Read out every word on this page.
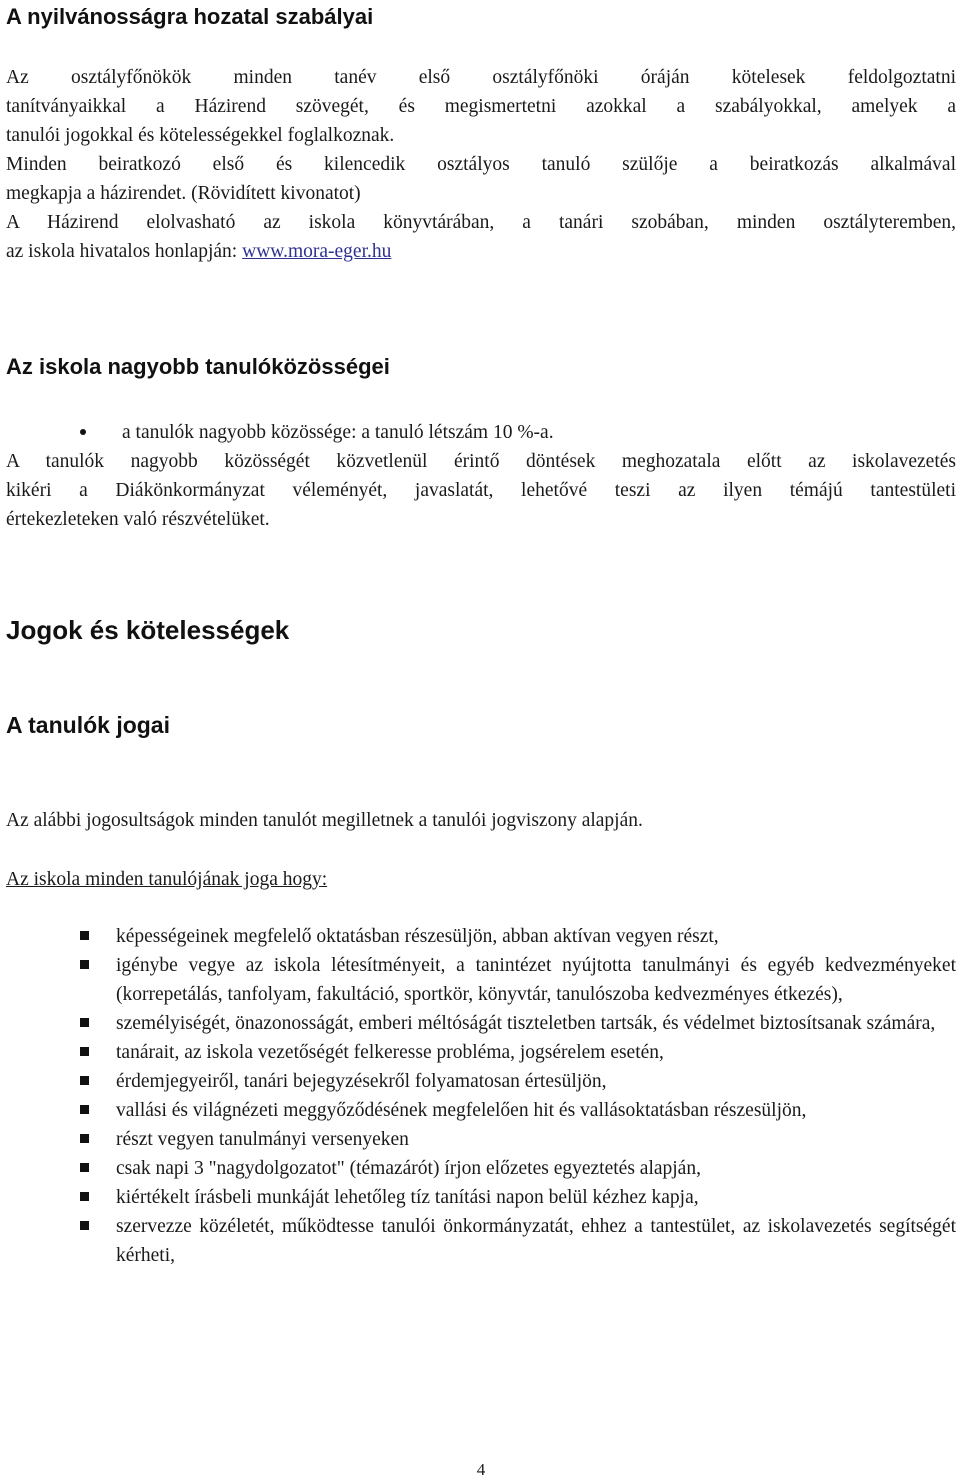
A nyilvánosságra hozatal szabályai
Az osztályfőnökök minden tanév első osztályfőnöki óráján kötelesek feldolgoztatni
tanítványaikkal a Házirend szövegét, és megismertetni azokkal a szabályokkal, amelyek a
tanulói jogokkal és kötelességekkel foglalkoznak.
Minden beiratkozó első és kilencedik osztályos tanuló szülője a beiratkozás alkalmával
megkapja a házirendet. (Rövidített kivonatot)
A Házirend elolvasható az iskola könyvtárában, a tanári szobában, minden osztályteremben,
az iskola hivatalos honlapján: www.mora-eger.hu
Az iskola nagyobb tanulóközösségei
a tanulók nagyobb közössége: a tanuló létszám 10 %-a.
A tanulók nagyobb közösségét közvetlenül érintő döntések meghozatala előtt az iskolavezetés
kikéri a Diákönkormányzat véleményét, javaslatát, lehetővé teszi az ilyen témájú tantestületi
értekezleteken való részvételüket.
Jogok és kötelességek
A tanulók jogai

Az alábbi jogosultságok minden tanulót megilletnek a tanulói jogviszony alapján.

Az iskola minden tanulójának joga hogy:

képességeinek megfelelő oktatásban részesüljön, abban aktívan vegyen részt,
igénybe vegye az iskola létesítményeit, a tanintézet nyújtotta tanulmányi és egyéb kedvezményeket (korrepetálás, tanfolyam, fakultáció, sportkör, könyvtár, tanulószoba kedvezményes étkezés),
személyiségét, önazonosságát, emberi méltóságát tiszteletben tartsák, és védelmet biztosítsanak számára,
tanárait, az iskola vezetőségét felkeresse probléma, jogsérelem esetén,
érdemjegyeiről, tanári bejegyzésekről folyamatosan értesüljön,
vallási és világnézeti meggyőződésének megfelelően hit és vallásoktatásban részesüljön,
részt vegyen tanulmányi versenyeken
csak napi 3 "nagydolgozatot" (témazárót) írjon előzetes egyeztetés alapján,
kiértékelt írásbeli munkáját lehetőleg tíz tanítási napon belül kézhez kapja,
szervezze közéletét, működtesse tanulói önkormányzatát, ehhez a tantestület, az iskolavezetés segítségét kérheti,
4
